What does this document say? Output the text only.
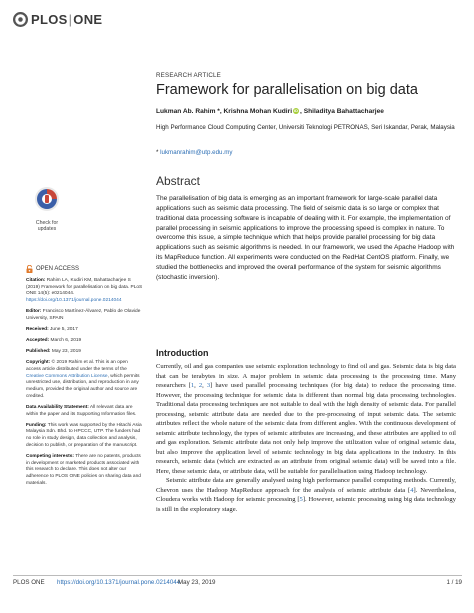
PLOS|ONE
RESEARCH ARTICLE
Framework for parallelisation on big data
Lukman Ab. Rahim *, Krishna Mohan Kudiri iD , Shiladitya Bahattacharjee
High Performance Cloud Computing Center, Universiti Teknologi PETRONAS, Seri Iskandar, Perak, Malaysia
* lukmanrahim@utp.edu.my
Abstract
The parallelisation of big data is emerging as an important framework for large-scale parallel data applications such as seismic data processing. The field of seismic data is so large or complex that traditional data processing software is incapable of dealing with it. For example, the implementation of parallel processing in seismic applications to improve the processing speed is complex in nature. To overcome this issue, a simple technique which that helps provide parallel processing for big data applications such as seismic algorithms is needed. In our framework, we used the Apache Hadoop with its MapReduce function. All experiments were conducted on the RedHat CentOS platform. Finally, we studied the bottlenecks and improved the overall performance of the system for seismic algorithms (stochastic inversion).
Introduction

Currently, oil and gas companies use seismic exploration technology to find oil and gas. Seismic data is big data that can be terabytes in size. A major problem in seismic data processing is the processing time. Many researchers [1, 2, 3] have used parallel processing techniques (for big data) to reduce the processing time. However, the processing technique for seismic data is different than normal big data processing technologies. Traditional data processing techniques are not suitable to deal with the high density of seismic data. For parallel processing, seismic attribute data are needed due to the pre-processing of input seismic data. The seismic attributes reflect the whole nature of the seismic data from different angles. With the continuous development of seismic attribute technology, the types of seismic attributes are increasing, and these attributes are applied to oil and gas exploration. Seismic attribute data not only help improve the utilization value of original seismic data, but also improve the application level of seismic technology in big data applications in the industry. In this research, seismic data (which are extracted as an attribute from original seismic data) will be saved into a file. Here, these seismic data, or attribute data, will be suitable for parallelisation using Hadoop technology.

Seismic attribute data are generally analysed using high performance parallel computing methods. Currently, Chevron uses the Hadoop MapReduce approach for the analysis of seismic attribute data [4]. Nevertheless, Cloudera works with Hadoop for seismic processing [5]. However, seismic processing using big data technology is still in the exploratory stage.

Check for
updates
OPEN ACCESS
Citation: Rahim LA, Kudiri KM, Bahattacharjee S (2019) Framework for parallelisation on big data. PLoS ONE 14(5): e0214044. https://doi.org/10.1371/journal.pone.0214044
Editor: Francisco Martínez-Álvarez, Pablo de Olavide University, SPAIN
Received: June 5, 2017
Accepted: March 6, 2019
Published: May 23, 2019
Copyright: © 2019 Rahim et al. This is an open access article distributed under the terms of the Creative Commons Attribution License, which permits unrestricted use, distribution, and reproduction in any medium, provided the original author and source are credited.
Data Availability Statement: All relevant data are within the paper and its Supporting Information files.
Funding: This work was supported by the Hitachi Asia Malaysia Sdn. Bhd. to HPCCC, UTP. The funders had no role in study design, data collection and analysis, decision to publish, or preparation of the manuscript.
Competing interests: There are no patents, products in development or marketed products associated with this research to declare. This does not alter our adherence to PLOS ONE policies on sharing data and materials.
PLOS ONE https://doi.org/10.1371/journal.pone.0214044
May 23, 2019	1 / 19
